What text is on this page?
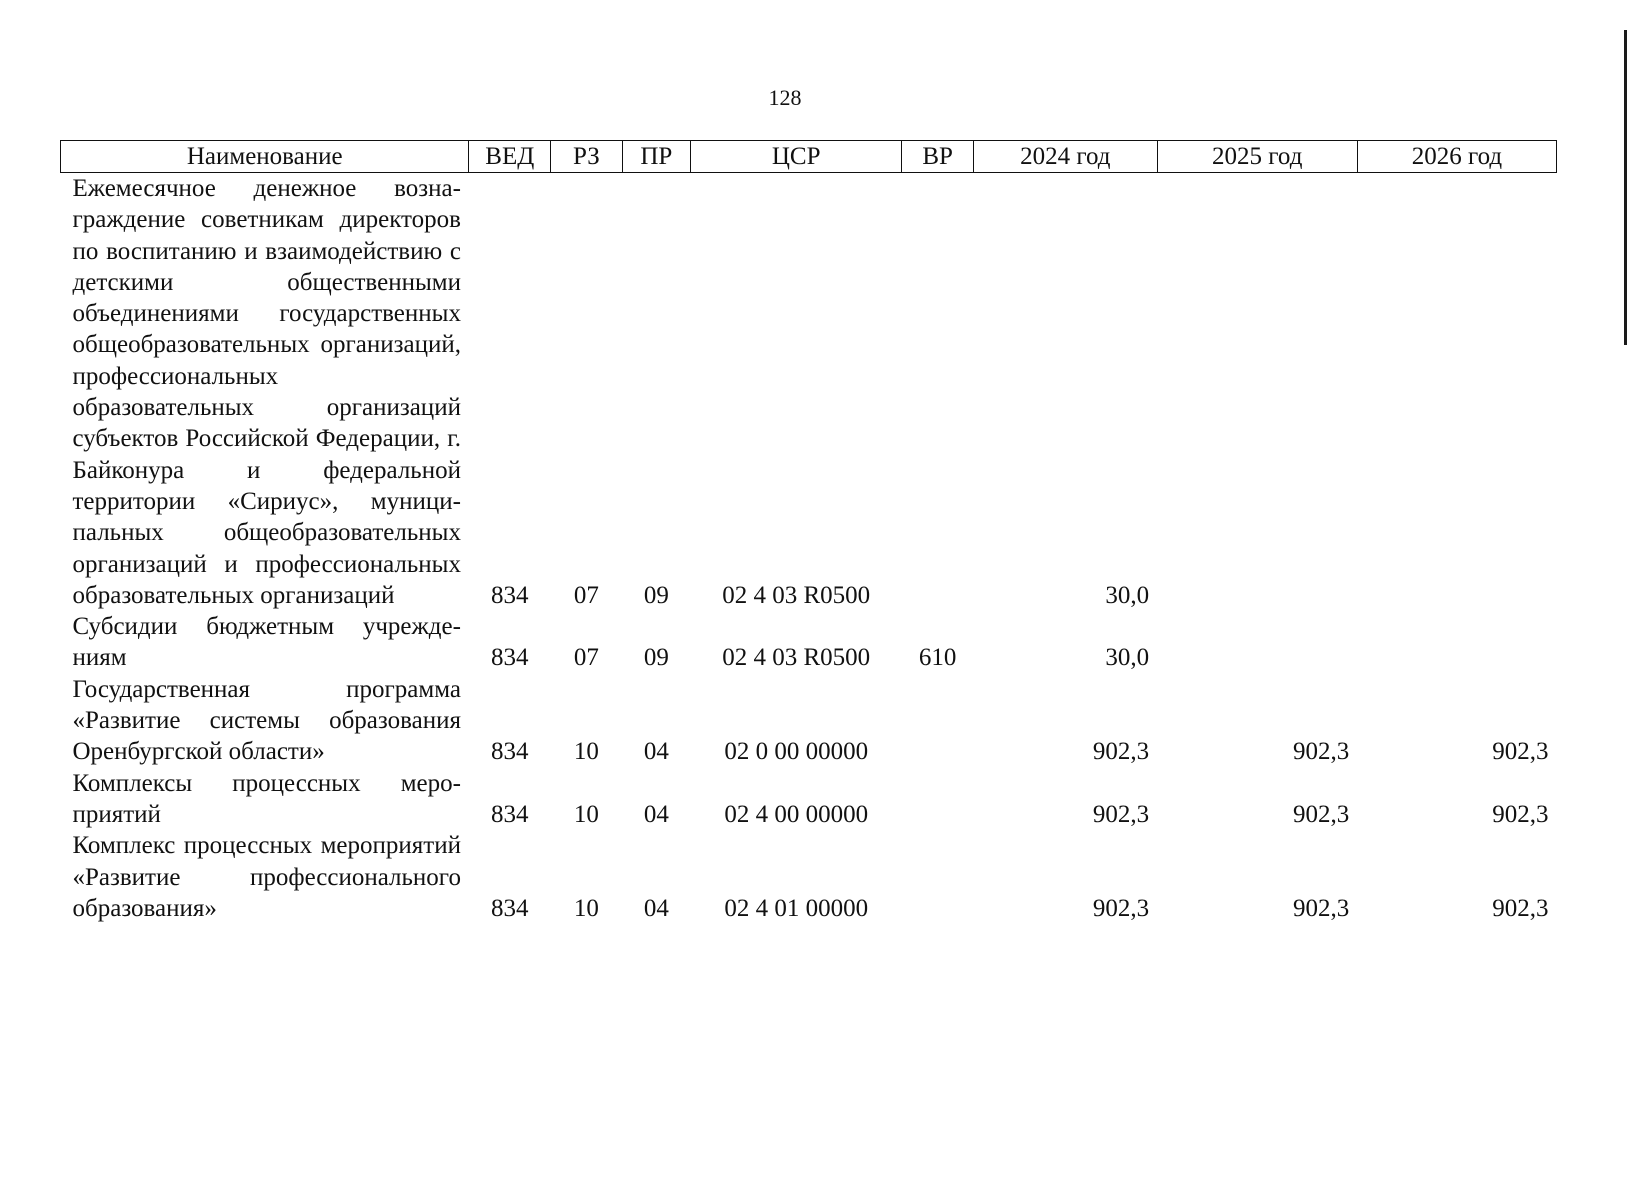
128
Наименование	ВЕД	РЗ	ПР	ЦСР	ВР	2024 год	2025 год	2026 год
Ежемесячное денежное вознаграждение советникам директоров по воспитанию и взаимодействию с детскими общественными объединениями государственных общеобразовательных организаций, профессиональных образовательных организаций субъектов Российской Федерации, г. Байконура и федеральной территории «Сириус», муниципальных общеобразовательных организаций и профессиональных образовательных организаций	834	07	09	02 4 03 R0500		30,0		
Субсидии бюджетным учреждениям	834	07	09	02 4 03 R0500	610	30,0		
Государственная программа «Развитие системы образования Оренбургской области»	834	10	04	02 0 00 00000		902,3	902,3	902,3
Комплексы процессных мероприятий	834	10	04	02 4 00 00000		902,3	902,3	902,3
Комплекс процессных мероприятий «Развитие профессионального образования»	834	10	04	02 4 01 00000		902,3	902,3	902,3
